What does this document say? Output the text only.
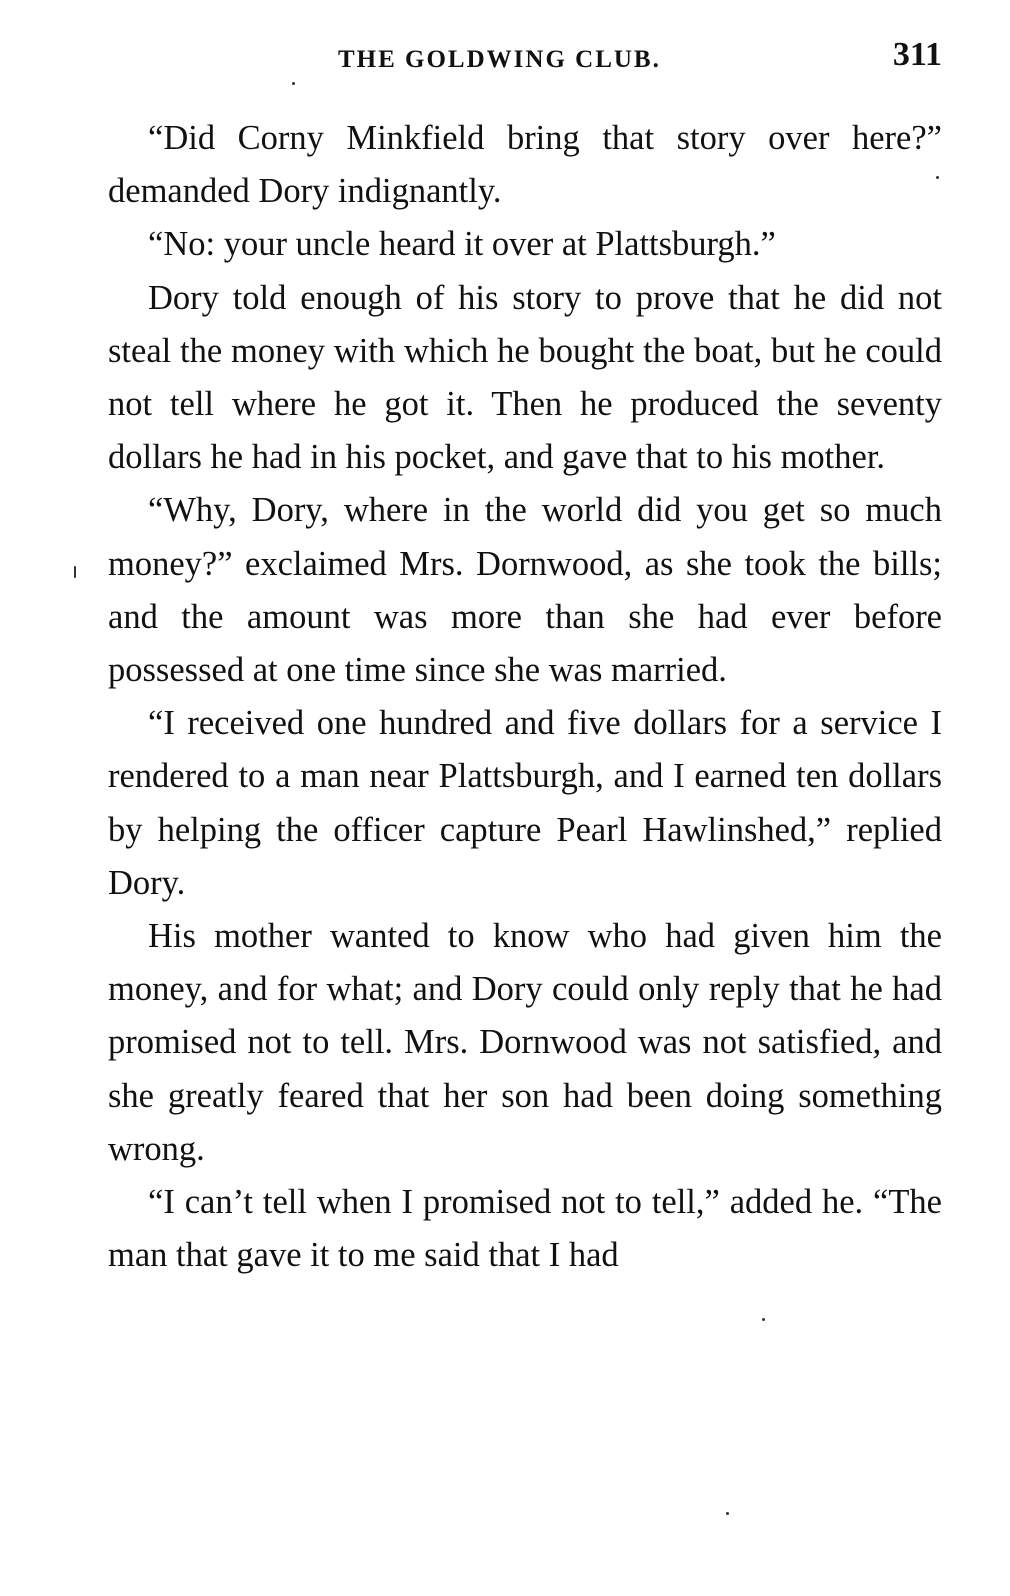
THE GOLDWING CLUB.	311

“Did Corny Minkfield bring that story over here?” demanded Dory indignantly.

“No: your uncle heard it over at Plattsburgh.”

Dory told enough of his story to prove that he did not steal the money with which he bought the boat, but he could not tell where he got it. Then he produced the seventy dollars he had in his pocket, and gave that to his mother.

“Why, Dory, where in the world did you get so much money?” exclaimed Mrs. Dornwood, as she took the bills; and the amount was more than she had ever before possessed at one time since she was married.

“I received one hundred and five dollars for a service I rendered to a man near Plattsburgh, and I earned ten dollars by helping the officer capture Pearl Hawlinshed,” replied Dory.

His mother wanted to know who had given him the money, and for what; and Dory could only reply that he had promised not to tell. Mrs. Dornwood was not satisfied, and she greatly feared that her son had been doing something wrong.

“I can’t tell when I promised not to tell,” added he. “The man that gave it to me said that I had
